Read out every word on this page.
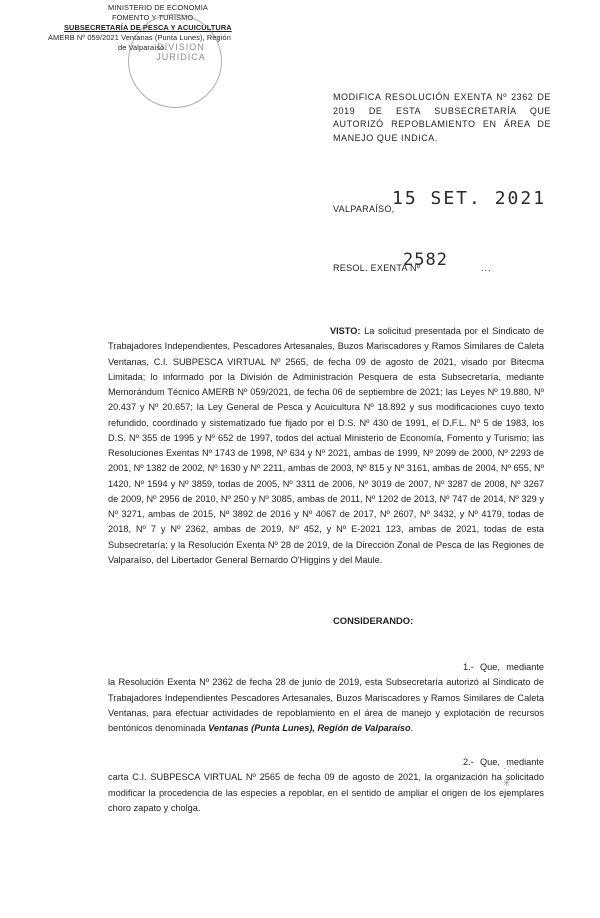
MINISTERIO DE ECONOMIA
FOMENTO Y TURISMO
SUBSECRETARÍA DE PESCA Y ACUICULTURA
AMERB Nº 059/2021 Ventanas (Punta Lunes), Región
de Valparaíso.
DIVISION JURIDICA
MODIFICA RESOLUCIÓN EXENTA Nº 2362 DE 2019 DE ESTA SUBSECRETARÍA QUE AUTORIZÓ REPOBLAMIENTO EN ÁREA DE MANEJO QUE INDICA.
VALPARAÍSO,
15 SET. 2021
RESOL. EXENTA Nº
2582	...
VISTO: La solicitud presentada por el Sindicato de Trabajadores Independientes, Pescadores Artesanales, Buzos Mariscadores y Ramos Similares de Caleta Ventanas, C.I. SUBPESCA VIRTUAL Nº 2565, de fecha 09 de agosto de 2021, visado por Bitecma Limitada; lo informado por la División de Administración Pesquera de esta Subsecretaría, mediante Memorándum Técnico AMERB Nº 059/2021, de fecha 06 de septiembre de 2021; las Leyes Nº 19.880, Nº 20.437 y Nº 20.657; la Ley General de Pesca y Acuicultura Nº 18.892 y sus modificaciones cuyo texto refundido, coordinado y sistematizado fue fijado por el D.S. Nº 430 de 1991, el D.F.L. Nº 5 de 1983, los D.S. Nº 355 de 1995 y Nº 652 de 1997, todos del actual Ministerio de Economía, Fomento y Turismo; las Resoluciones Exentas Nº 1743 de 1998, Nº 634 y Nº 2021, ambas de 1999, Nº 2099 de 2000, Nº 2293 de 2001, Nº 1382 de 2002, Nº 1630 y Nº 2211, ambas de 2003, Nº 815 y Nº 3161, ambas de 2004, Nº 655, Nº 1420, Nº 1594 y Nº 3859, todas de 2005, Nº 3311 de 2006, Nº 3019 de 2007, Nº 3287 de 2008, Nº 3267 de 2009, Nº 2956 de 2010, Nº 250 y Nº 3085, ambas de 2011, Nº 1202 de 2013, Nº 747 de 2014, Nº 329 y Nº 3271, ambas de 2015, Nº 3892 de 2016 y Nº 4067 de 2017, Nº 2607, Nº 3432, y Nº 4179, todas de 2018, Nº 7 y Nº 2362, ambas de 2019, Nº 452, y Nº E-2021 123, ambas de 2021, todas de esta Subsecretaría; y la Resolución Exenta Nº 28 de 2019, de la Dirección Zonal de Pesca de las Regiones de Valparaíso, del Libertador General Bernardo O'Higgins y del Maule.
CONSIDERANDO:
1.- Que, mediante la Resolución Exenta Nº 2362 de fecha 28 de junio de 2019, esta Subsecretaría autorizó al Sindicato de Trabajadores Independientes Pescadores Artesanales, Buzos Mariscadores y Ramos Similares de Caleta Ventanas, para efectuar actividades de repoblamiento en el área de manejo y explotación de recursos bentónicos denominada Ventanas (Punta Lunes), Región de Valparaíso.
2.- Que, mediante carta C.I. SUBPESCA VIRTUAL Nº 2565 de fecha 09 de agosto de 2021, la organización ha solicitado modificar la procedencia de las especies a repoblar, en el sentido de ampliar el origen de los ejemplares choro zapato y cholga.
∴ ✳ ∴
